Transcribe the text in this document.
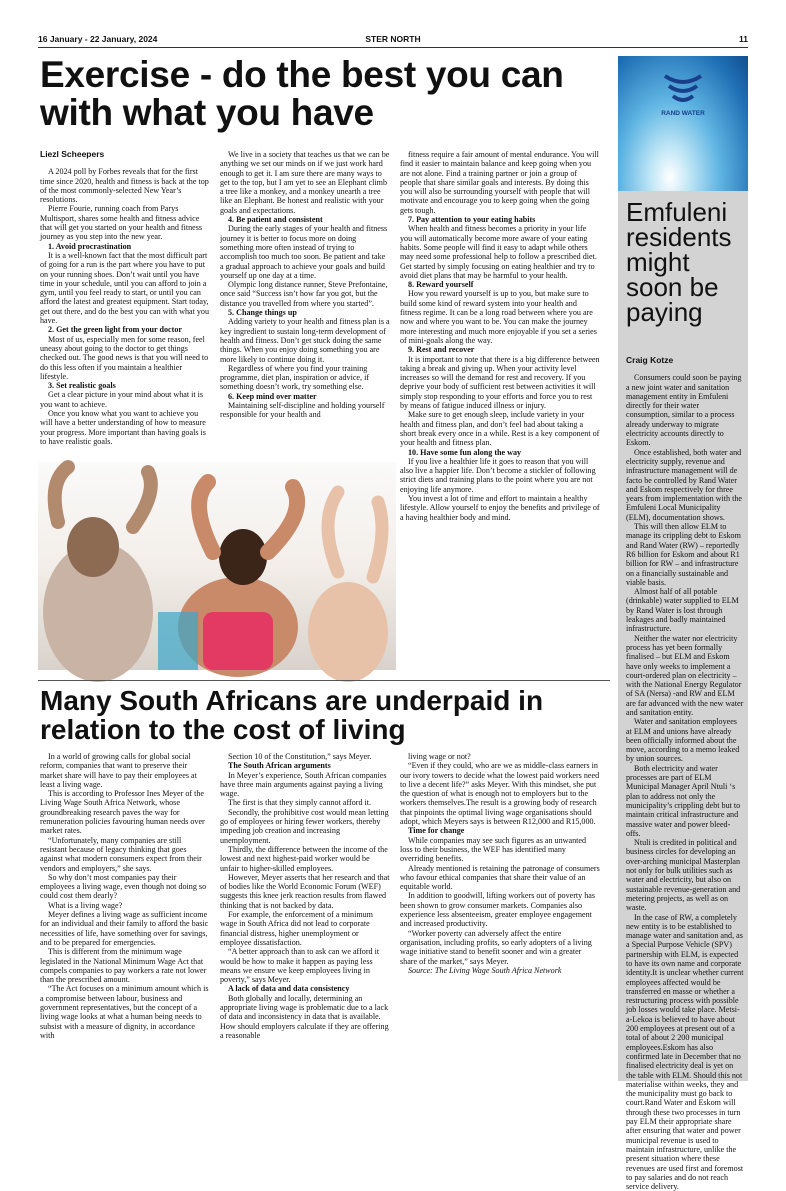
16 January - 22 January, 2024	STER NORTH	11
Exercise - do the best you can with what you have
Liezl Scheepers

A 2024 poll by Forbes reveals that for the first time since 2020, health and fitness is back at the top of the most commonly-selected New Year’s resolutions.

Pierre Fourie, running coach from Parys Multisport, shares some health and fitness advice that will get you started on your health and fitness journey as you step into the new year.

1. Avoid procrastination

It is a well-known fact that the most difficult part of going for a run is the part where you have to put on your running shoes. Don’t wait until you have time in your schedule, until you can afford to join a gym, until you feel ready to start, or until you can afford the latest and greatest equipment. Start today, get out there, and do the best you can with what you have.

2. Get the green light from your doctor

Most of us, especially men for some reason, feel uneasy about going to the doctor to get things checked out. The good news is that you will need to do this less often if you maintain a healthier lifestyle.

3. Set realistic goals

Get a clear picture in your mind about what it is you want to achieve.

Once you know what you want to achieve you will have a better understanding of how to measure your progress. More important than having goals is to have realistic goals.

We live in a society that teaches us that we can be anything we set our minds on if we just work hard enough to get it. I am sure there are many ways to get to the top, but I am yet to see an Elephant climb a tree like a monkey, and a monkey unearth a tree like an Elephant. Be honest and realistic with your goals and expectations.

4. Be patient and consistent

During the early stages of your health and fitness journey it is better to focus more on doing something more often instead of trying to accomplish too much too soon. Be patient and take a gradual approach to achieve your goals and build yourself up one day at a time.

Olympic long distance runner, Steve Prefontaine, once said “Success isn’t how far you got, but the distance you travelled from where you started”.

5. Change things up

Adding variety to your health and fitness plan is a key ingredient to sustain long-term development of health and fitness. Don’t get stuck doing the same things. When you enjoy doing something you are more likely to continue doing it.

Regardless of where you find your training programme, diet plan, inspiration or advice, if something doesn’t work, try something else.

6. Keep mind over matter

Maintaining self-discipline and holding yourself responsible for your health and

fitness require a fair amount of mental endurance. You will find it easier to maintain balance and keep going when you are not alone. Find a training partner or join a group of people that share similar goals and interests. By doing this you will also be surrounding yourself with people that will motivate and encourage you to keep going when the going gets tough.

7. Pay attention to your eating habits

When health and fitness becomes a priority in your life you will automatically become more aware of your eating habits. Some people will find it easy to adapt while others may need some professional help to follow a prescribed diet. Get started by simply focusing on eating healthier and try to avoid diet plans that may be harmful to your health.

8. Reward yourself

How you reward yourself is up to you, but make sure to build some kind of reward system into your health and fitness regime. It can be a long road between where you are now and where you want to be. You can make the journey more interesting and much more enjoyable if you set a series of mini-goals along the way.

9. Rest and recover

It is important to note that there is a big difference between taking a break and giving up. When your activity level increases so will the demand for rest and recovery. If you deprive your body of sufficient rest between activities it will simply stop responding to your efforts and force you to rest by means of fatigue induced illness or injury.

Make sure to get enough sleep, include variety in your health and fitness plan, and don’t feel bad about taking a short break every once in a while. Rest is a key component of your health and fitness plan.

10. Have some fun along the way

If you live a healthier life it goes to reason that you will also live a happier life. Don’t become a stickler of following strict diets and training plans to the point where you are not enjoying life anymore.

You invest a lot of time and effort to maintain a healthy lifestyle. Allow yourself to enjoy the benefits and privilege of a having healthier body and mind.

RAND WATER
Emfuleni residents might soon be paying
Craig Kotze

Consumers could soon be paying a new joint water and sanitation management entity in Emfuleni directly for their water consumption, similar to a process already underway to migrate electricity accounts directly to Eskom.

Once established, both water and electricity supply, revenue and infrastructure management will de facto be controlled by Rand Water and Eskom respectively for three years from implementation with the Emfuleni Local Municipality (ELM), documentation shows.

This will then allow ELM to manage its crippling debt to Eskom and Rand Water (RW) – reportedly R6 billion for Eskom and about R1 billion for RW – and infrastructure on a financially sustainable and viable basis.

Almost half of all potable (drinkable) water supplied to ELM by Rand Water is lost through leakages and badly maintained infrastructure.

Neither the water nor electricity process has yet been formally finalised – but ELM and Eskom have only weeks to implement a court-ordered plan on electricity – with the National Energy Regulator of SA (Nersa) -and RW and ELM are far advanced with the new water and sanitation entity.

Water and sanitation employees at ELM and unions have already been officially informed about the move, according to a memo leaked by union sources.

Both electricity and water processes are part of ELM Municipal Manager April Ntuli ‘s plan to address not only the municipality’s crippling debt but to maintain critical infrastructure and massive water and power bleed-offs.

Ntuli is credited in political and business circles for developing an over-arching municipal Masterplan not only for bulk utilities such as water and electricity, but also on sustainable revenue-generation and metering projects, as well as on waste.

In the case of RW, a completely new entity is to be established to manage water and sanitation and, as a Special Purpose Vehicle (SPV) partnership with ELM, is expected to have its own name and corporate identity.It is unclear whether current employees affected would be transferred en masse or whether a restructuring process with possible job losses would take place. Metsi-a-Lekoa is believed to have about 200 employees at present out of a total of about 2 200 municipal employees.Eskom has also confirmed late in December that no finalised electricity deal is yet on the table with ELM. Should this not materialise within weeks, they and the municipality must go back to court.Rand Water and Eskom will through these two processes in turn pay ELM their appropriate share after ensuring that water and power municipal revenue is used to maintain infrastructure, unlike the present situation where these revenues are used first and foremost to pay salaries and do not reach service delivery.

Many South Africans are underpaid in relation to the cost of living

In a world of growing calls for global social reform, companies that want to preserve their market share will have to pay their employees at least a living wage.

This is according to Professor Ines Meyer of the Living Wage South Africa Network, whose groundbreaking research paves the way for remuneration policies favouring human needs over market rates.

“Unfortunately, many companies are still resistant because of legacy thinking that goes against what modern consumers expect from their vendors and employers,” she says.

So why don’t most companies pay their employees a living wage, even though not doing so could cost them dearly?

What is a living wage?

Meyer defines a living wage as sufficient income for an individual and their family to afford the basic necessities of life, have something over for savings, and to be prepared for emergencies.

This is different from the minimum wage legislated in the National Minimum Wage Act that compels companies to pay workers a rate not lower than the prescribed amount.

“The Act focuses on a minimum amount which is a compromise between labour, business and government representatives, but the concept of a living wage looks at what a human being needs to subsist with a measure of dignity, in accordance with

Section 10 of the Constitution,” says Meyer.

The South African arguments

In Meyer’s experience, South African companies have three main arguments against paying a living wage.

The first is that they simply cannot afford it.

Secondly, the prohibitive cost would mean letting go of employees or hiring fewer workers, thereby impeding job creation and increasing unemployment.

Thirdly, the difference between the income of the lowest and next highest-paid worker would be unfair to higher-skilled employees.

However, Meyer asserts that her research and that of bodies like the World Economic Forum (WEF) suggests this knee jerk reaction results from flawed thinking that is not backed by data.

For example, the enforcement of a minimum wage in South Africa did not lead to corporate financial distress, higher unemployment or employee dissatisfaction.

“A better approach than to ask can we afford it would be how to make it happen as paying less means we ensure we keep employees living in poverty,” says Meyer.

A lack of data and data consistency

Both globally and locally, determining an appropriate living wage is problematic due to a lack of data and inconsistency in data that is available. How should employers calculate if they are offering a reasonable

living wage or not?

“Even if they could, who are we as middle-class earners in our ivory towers to decide what the lowest paid workers need to live a decent life?” asks Meyer. With this mindset, she put the question of what is enough not to employers but to the workers themselves.The result is a growing body of research that pinpoints the optimal living wage organisations should adopt, which Meyers says is between R12,000 and R15,000.

Time for change

While companies may see such figures as an unwanted loss to their business, the WEF has identified many overriding benefits.

Already mentioned is retaining the patronage of consumers who favour ethical companies that share their value of an equitable world.

In addition to goodwill, lifting workers out of poverty has been shown to grow consumer markets. Companies also experience less absenteeism, greater employee engagement and increased productivity.

“Worker poverty can adversely affect the entire organisation, including profits, so early adopters of a living wage initiative stand to benefit sooner and win a greater share of the market,” says Meyer.

Source: The Living Wage South Africa Network
